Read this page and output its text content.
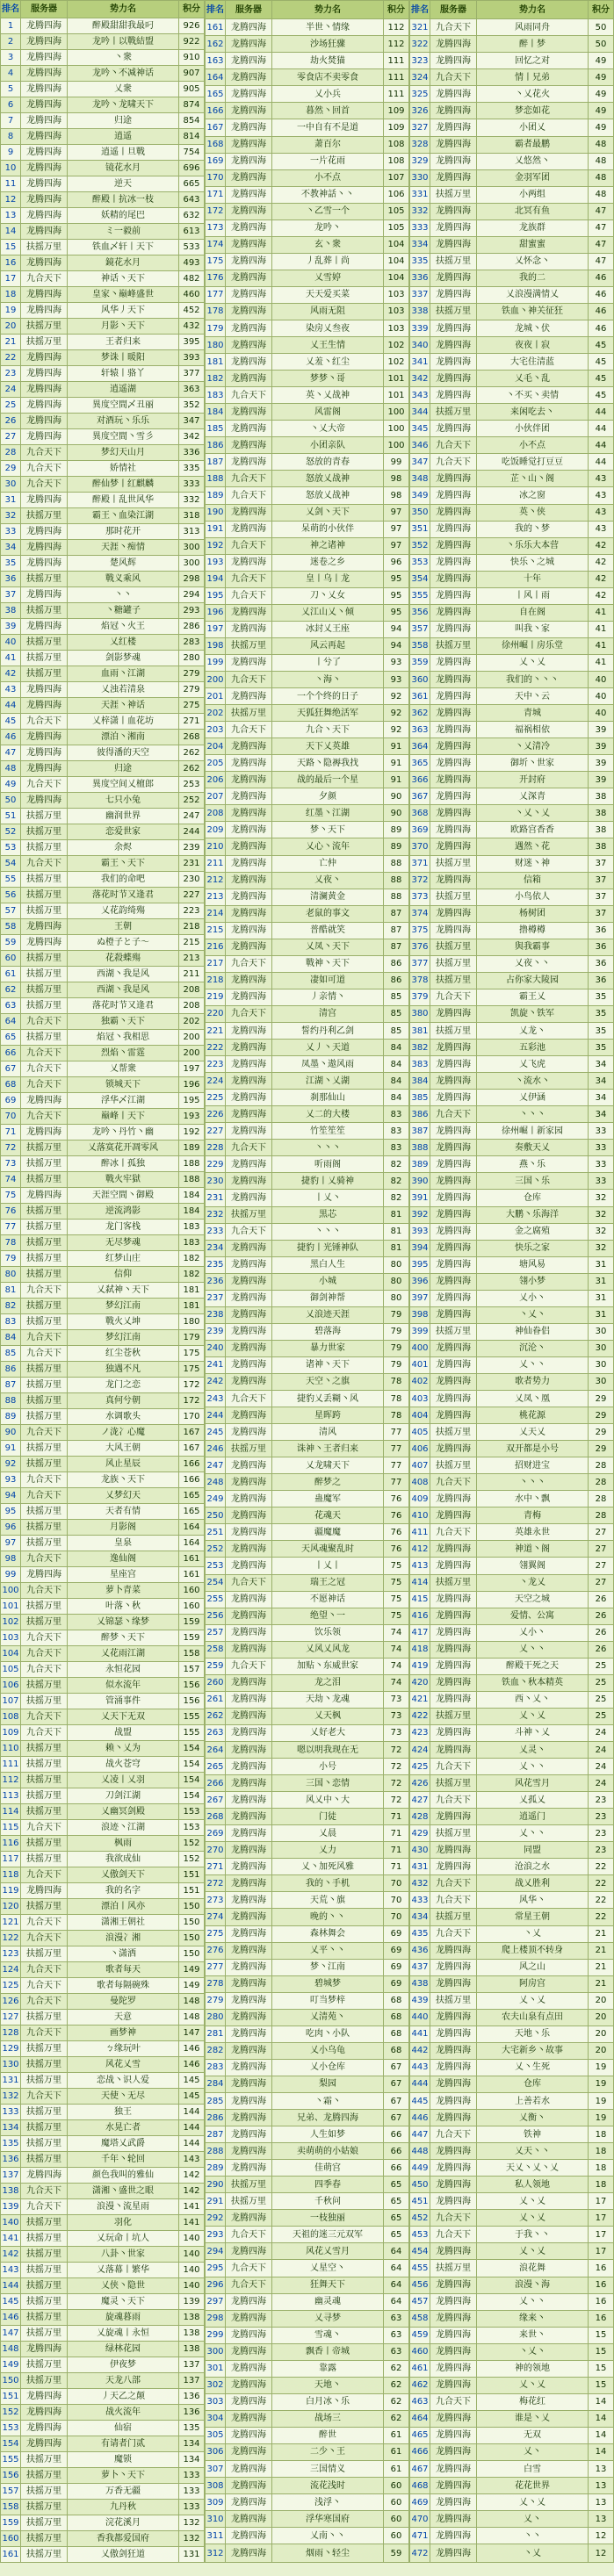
排名	服务器	势力名	积分
1	龙腾四海	醉殿甜甜我最叼	926
2	龙腾四海	龙吟丨以戰結盟	922
3	龙腾四海	丶衆	910
4	龙腾四海	龙吟丶不减神话	907
5	龙腾四海	乂衆	905
6	龙腾四海	龙吟丶龙啸天下	874
7	龙腾四海	归途	854
8	龙腾四海	逍遥	814
9	龙腾四海	逍遥丨旦戰	754
10	龙腾四海	镜花水月	696
11	龙腾四海	逆天	665
12	龙腾四海	醉殿丨抗冰一枝	643
13	龙腾四海	妖精的尾巴	632
14	龙腾四海	ミ一毅前	613
15	扶摇万里	铁血乄轩丨天下	533
16	龙腾四海	鏡花水月	493
17	九合天下	神话丶天下	482
18	龙腾四海	皇家丶巅峰盛世	460
19	龙腾四海	风华丿天下	452
20	扶摇万里	月影丶天下	432
21	扶摇万里	王者归来	395
22	龙腾四海	梦诛丨暖阳	393
23	龙腾四海	轩辕丨骆丫	377
24	龙腾四海	逍遥湖	363
25	龙腾四海	異度空間乄丑丽	352
26	龙腾四海	对酒玩丶乐乐	347
27	龙腾四海	異度空間丶雪彡	342
28	九合天下	梦幻天山月	336
29	九合天下	娇情社	335
30	九合天下	醉仙梦丨红麒麟	333
31	龙腾四海	醉殿丨乱世风华	332
32	扶摇万里	霸王丶血染江湖	318
33	龙腾四海	那时花开	313
34	龙腾四海	天涯丶痴情	300
35	龙腾四海	楚风辉	300
36	扶摇万里	戰义乘风	298
37	龙腾四海	丶丶	294
38	扶摇万里	丶糖罐子	293
39	龙腾四海	焰冠丶火王	286
40	扶摇万里	乂红楼	283
41	扶摇万里	剑影梦魂	280
42	扶摇万里	血雨丶江湖	279
43	龙腾四海	乂浊若清泉	279
44	龙腾四海	天涯丶神话	275
45	九合天下	乂梓潇丨血花坊	271
46	龙腾四海	漂泊丶湘南	268
47	龙腾四海	彼得潘的天空	262
48	龙腾四海	归途	262
49	九合天下	異度空间乂檀郎	253
50	龙腾四海	七只小兔	252
51	扶摇万里	幽润世界	247
52	扶摇万里	恋爱世家	244
53	扶摇万里	余烬	239
54	九合天下	霸王丶天下	231
55	扶摇万里	我们的命吧	230
56	扶摇万里	落花时节又逢君	227
57	扶摇万里	乂花韵绮殤	223
58	龙腾四海	王朝	218
59	龙腾四海	ぬ橙子と子〜	215
60	扶摇万里	花殺蝶殤	213
61	扶摇万里	西湖丶我是风	211
62	扶摇万里	西湖丶我是风	208
63	扶摇万里	落花时节又逢君	208
64	九合天下	独霸丶天下	202
65	扶摇万里	焰冠丶我相思	200
66	九合天下	烈焰丶雷霆	200
67	九合天下	乂帮衆	197
68	九合天下	锁城天下	196
69	龙腾四海	浮华乄江湖	195
70	九合天下	巅峰丨天下	193
71	龙腾四海	龙吟丶丹竹丶幽	192
72	扶摇万里	乂落寞花开凋零风	189
73	扶摇万里	醉冰丨孤独	188
74	扶摇万里	戰火牢獄	188
75	龙腾四海	天涯空間丶御殿	184
76	扶摇万里	逆流鸿影	184
77	扶摇万里	龙门客栈	183
78	扶摇万里	无尽梦魂	183
79	扶摇万里	红梦山庄	182
80	扶摇万里	信仰	182
81	九合天下	乂弑神丶天下	181
82	扶摇万里	梦幻江南	181
83	扶摇万里	戰火乂坤	180
84	九合天下	梦幻江南	179
85	九合天下	红尘苍秋	175
86	扶摇万里	独遇不凡	175
87	扶摇万里	龙门之恋	172
88	扶摇万里	真何兮朝	172
89	扶摇万里	水调歌头	170
90	九合天下	ノ泷冫心魔	167
91	扶摇万里	大风王朝	167
92	扶摇万里	风止星辰	166
93	九合天下	龙族丶天下	166
94	九合天下	乂梦幻天	165
95	扶摇万里	天者有情	165
96	扶摇万里	月影阁	164
97	扶摇万里	皇泉	164
98	九合天下	逸仙阁	161
99	龙腾四海	星座宫	161
100	九合天下	萝卜青菜	160
101	扶摇万里	叶落丶秋	160
102	扶摇万里	乂锦瑟丶缘梦	159
103	九合天下	醉梦丶天下	159
104	九合天下	乂花雨江湖	158
105	九合天下	永恒花园	157
106	扶摇万里	似水流年	156
107	扶摇万里	管涌事件	156
108	九合天下	乂天下无双	155
109	九合天下	战盟	155
110	扶摇万里	赖丶乂为	154
111	扶摇万里	战火苍穹	154
112	扶摇万里	乂凌丨乂羽	154
113	扶摇万里	刀剑江湖	154
114	扶摇万里	乂幽冥剑殿	153
115	九合天下	浪迹丶江湖	153
116	扶摇万里	枫雨	152
117	扶摇万里	我欲成仙	152
118	九合天下	乂傲剑天下	151
119	龙腾四海	我的名字	151
120	扶摇万里	漂泊丨风亦	150
121	九合天下	潇湘王朝社	150
122	九合天下	浪漫冫湘	150
123	扶摇万里	丶潇洒	150
124	九合天下	歌者每天	149
125	九合天下	歌者每隔碗殊	149
126	九合天下	曼陀罗	148
127	扶摇万里	天意	148
128	九合天下	画梦神	147
129	扶摇万里	ㄅ缘玩叶	146
130	扶摇万里	风花乂雪	146
131	扶摇万里	恋战丶识人爱	145
132	九合天下	天使丶无尽	145
133	扶摇万里	独王	144
134	扶摇万里	水晃亡者	144
135	扶摇万里	魔塔乂武爵	144
136	扶摇万里	千年丶轮回	143
137	龙腾四海	颜色我叫的雅仙	142
138	九合天下	潇湘丶盛世之眼	142
139	九合天下	浪漫丶流星雨	141
140	扶摇万里	羽化	141
141	扶摇万里	乂玩命丨坑人	140
142	扶摇万里	八卦丶世家	140
143	扶摇万里	乂落幕丨繁华	140
144	扶摇万里	乂侠丶隐世	140
145	扶摇万里	魔灵丶天下	139
146	扶摇万里	旋魂暮雨	138
147	扶摇万里	乂旋魂丨永恒	138
148	龙腾四海	绿林花园	138
149	扶摇万里	伊夜梦	137
150	扶摇万里	天龙八部	137
151	龙腾四海	丿天乙之颠	136
152	龙腾四海	战火流年	136
153	龙腾四海	仙宿	135
154	龙腾四海	有请者门贰	134
155	扶摇万里	魔锁	134
156	扶摇万里	萝卜丶天下	133
157	扶摇万里	万香无疆	133
158	扶摇万里	九丹秋	133
159	扶摇万里	浣花溪月	132
160	扶摇万里	香我都爱国府	132
161	扶摇万里	乂傲剑狂道	131
排名	服务器	势力名	积分
161	龙腾四海	半世丶情缘	112
162	龙腾四海	沙场狂骤	112
163	龙腾四海	劫火焚猫	111
164	龙腾四海	零食店不卖零食	111
165	龙腾四海	乂小兵	111
166	龙腾四海	暮然丶回首	109
167	龙腾四海	一中自有不是道	109
168	龙腾四海	萧百尔	108
169	龙腾四海	一片花雨	108
170	龙腾四海	小不点	107
171	龙腾四海	不教神話丶丶	106
172	龙腾四海	丶乙雪一个	105
173	龙腾四海	龙吟丶	105
174	龙腾四海	玄丶衆	104
175	龙腾四海	丿乱葬丨尚	104
176	龙腾四海	乂雪婷	104
177	龙腾四海	天天爱买菜	103
178	龙腾四海	风雨无阻	103
179	龙腾四海	染房乂叁夜	103
180	龙腾四海	乂王生情	102
181	龙腾四海	乂羞丶红尘	102
182	龙腾四海	梦梦丶哥	101
183	九合天下	英丶乂战神	101
184	龙腾四海	风雷阁	100
185	龙腾四海	丶乂大帝	100
186	龙腾四海	小团亲队	100
187	龙腾四海	怒放的青春	99
188	九合天下	怒放乂战神	98
189	九合天下	怒放乂战神	98
190	龙腾四海	乂剑丶天下	97
191	龙腾四海	呆萌的小伙伴	97
192	九合天下	神之诸神	97
193	龙腾四海	迷卷之乡	96
194	九合天下	皇丨乌丨龙	95
195	九合天下	刀丶乂女	95
196	龙腾四海	乂江山乂丶倾	95
197	龙腾四海	冰封乂王座	94
198	扶摇万里	风云再起	94
199	龙腾四海	丨兮了	93
200	九合天下	丶海丶	93
201	龙腾四海	一个个终的日子	92
202	扶摇万里	天狐狂舞绝活军	92
203	九合天下	九合丶天下	92
204	龙腾四海	天下乂英雄	91
205	龙腾四海	天路丶隐褥我找	91
206	龙腾四海	战的最后一个星	91
207	龙腾四海	夕颜	90
208	龙腾四海	红墨丶江湖	90
209	龙腾四海	梦丶天下	89
210	龙腾四海	乂心丶流年	89
211	龙腾四海	亡仲	88
212	龙腾四海	乂夜丶	88
213	龙腾四海	清澜黄金	88
214	龙腾四海	老鼠的事文	87
215	龙腾四海	普酷就笑	87
216	龙腾四海	乂凤丶天下	87
217	九合天下	戰神丶天下	86
218	龙腾四海	凄如可道	86
219	龙腾四海	丿亲情丶	85
220	九合天下	清宫	85
221	龙腾四海	誓约丹利乙剑	85
222	龙腾四海	乂丿丶天道	84
223	龙腾四海	凤墨丶遨风雨	84
224	龙腾四海	江湖丶乂湖	84
225	龙腾四海	刹那仙山	84
226	龙腾四海	乂二的大楼	83
227	龙腾四海	竹笙笙笙	83
228	九合天下	丶丶丶	83
229	龙腾四海	听雨阁	82
230	龙腾四海	捷豹丨乂骑神	82
231	龙腾四海	丨乂丶	82
232	扶摇万里	黒芯	81
233	九合天下	丶丶丶	81
234	龙腾四海	捷豹丨光锤神队	81
235	龙腾四海	黑白人生	80
236	龙腾四海	小城	80
237	龙腾四海	御剑神帮	80
238	龙腾四海	乂浪迹天涯	79
239	龙腾四海	碧落海	79
240	龙腾四海	暴力世家	79
241	龙腾四海	诸神丶天下	79
242	龙腾四海	天空丶之旗	78
243	九合天下	捷豹乂丢糊丶风	78
244	龙腾四海	星晖跨	78
245	龙腾四海	清风	77
246	扶摇万里	诛神丶王者归来	77
247	龙腾四海	乂龙啸天下	77
248	龙腾四海	醉梦之	77
249	龙腾四海	蛊魔军	76
250	龙腾四海	花魂天	76
251	龙腾四海	疆魔魔	76
252	龙腾四海	天风魂聚乱时	76
253	龙腾四海	丨乂丨	75
254	九合天下	瑞王之冠	75
255	龙腾四海	不愿神话	75
256	龙腾四海	绝望丶一	75
257	龙腾四海	饮乐领	74
258	龙腾四海	乂风乂风龙	74
259	九合天下	加贴丶东威世家	74
260	龙腾四海	龙之泪	74
261	龙腾四海	天劫丶龙魂	73
262	龙腾四海	乂天枫	73
263	龙腾四海	乂好老大	73
264	龙腾四海	嗯以明我现在无	72
265	龙腾四海	小号	72
266	龙腾四海	三国丶恋情	72
267	龙腾四海	风乂中丶大	72
268	龙腾四海	门徒	71
269	龙腾四海	乂晨	71
270	龙腾四海	乂力	71
271	龙腾四海	乂丶加死风雅	71
272	龙腾四海	我的丶手机	70
273	龙腾四海	天荒丶旗	70
274	龙腾四海	晚的丶丶	70
275	龙腾四海	森林舞会	69
276	龙腾四海	乂平丶丶	69
277	龙腾四海	梦丶江南	69
278	龙腾四海	碧城梦	69
279	龙腾四海	叮当梦梓	68
280	龙腾四海	乂清苑丶	68
281	龙腾四海	吃肉丶小队	68
282	龙腾四海	乂小乌龟	68
283	龙腾四海	乂小仓库	67
284	龙腾四海	梨园	67
285	龙腾四海	丶霜丶	67
286	龙腾四海	兄弟、龙腾四海	67
287	龙腾四海	人生如梦	66
288	龙腾四海	卖萌萌的小姑娘	66
289	龙腾四海	佳萌宫	66
290	扶摇万里	四季春	65
291	扶摇万里	千秋问	65
292	龙腾四海	一枝独丽	65
293	九合天下	天祖的迷三元双军	65
294	龙腾四海	风花乂雪月	64
295	九合天下	乂星空丶	64
296	九合天下	狂舞天下	64
297	龙腾四海	幽灵魂	64
298	龙腾四海	乂寻梦	63
299	龙腾四海	雪魂丶	63
300	龙腾四海	飘香丨帝城	63
301	龙腾四海	靠露	62
302	龙腾四海	天地丶	62
303	龙腾四海	白月冰丶乐	62
304	龙腾四海	战场三	62
305	龙腾四海	醉世	61
306	龙腾四海	二少丶王	61
307	龙腾四海	三国情义	61
308	龙腾四海	流花浅时	60
309	龙腾四海	浅浮丶	60
310	龙腾四海	浮华寒国府	60
311	龙腾四海	乂南丶丶	60
312	龙腾四海	烟雨丶轻尘	59
排名	服务器	势力名	积分
321	九合天下	风雨同舟	50
322	龙腾四海	醉丨梦	50
323	龙腾四海	回忆之对	49
324	九合天下	情丨兄弟	49
325	龙腾四海	丶乂花火	49
326	龙腾四海	梦恋如花	49
327	龙腾四海	小团乂	49
328	龙腾四海	霸者最鹏	48
329	龙腾四海	乂悠然丶	48
330	龙腾四海	金羽军团	48
331	扶摇万里	小两组	48
332	龙腾四海	北冥有鱼	47
333	龙腾四海	龙族群	47
334	龙腾四海	甜蜜蜜	47
335	扶摇万里	乂怀念丶	47
336	龙腾四海	我的二	46
337	龙腾四海	乂浪漫满情乂	46
338	扶摇万里	铁血丶神关征狂	46
339	龙腾四海	龙城丶伏	46
340	龙腾四海	夜夜丨寂	45
341	龙腾四海	大宅住清蓝	45
342	龙腾四海	乂毛丶乱	45
343	龙腾四海	丶不买丶卖情	45
344	扶摇万里	来闲吃去丶	44
345	龙腾四海	小伙伴团	44
346	九合天下	小不点	44
347	九合天下	吃饭睡觉打豆豆	44
348	龙腾四海	芷丶山丶阁	43
349	龙腾四海	冰之窗	43
350	龙腾四海	英丶侠	43
351	龙腾四海	我的丶梦	43
352	龙腾四海	丶乐乐大本营	42
353	龙腾四海	快乐丶之城	42
354	龙腾四海	十年	42
355	龙腾四海	丨风丨雨	42
356	龙腾四海	自在阁	41
357	龙腾四海	叫我丶家	41
358	扶摇万里	徐州崛丨房乐堂	41
359	龙腾四海	乂丶乂	41
360	龙腾四海	我们的丶丶丶	40
361	龙腾四海	天中丶云	40
362	龙腾四海	青城	40
363	龙腾四海	福祸相依	39
364	龙腾四海	丶乂清冷	39
365	龙腾四海	御圻丶世家	39
366	龙腾四海	开封府	39
367	龙腾四海	乂深青	38
368	龙腾四海	丶乂丶乂	38
369	龙腾四海	欧路宫香香	38
370	龙腾四海	遇然丶花	38
371	扶摇万里	财迷丶神	37
372	龙腾四海	信箱	37
373	扶摇万里	小鸟依人	37
374	龙腾四海	杨树团	37
375	龙腾四海	撸樽樽	36
376	扶摇万里	與我霸事	36
377	扶摇万里	乂夜丶丶	36
378	扶摇万里	占你家大陵园	36
379	九合天下	霸王乂	35
380	龙腾四海	凯旋丶铁军	35
381	扶摇万里	乂龙丶	35
382	龙腾四海	五彩池	35
383	龙腾四海	乂飞虎	34
384	龙腾四海	丶流水丶	34
385	龙腾四海	乂伊涵	34
386	九合天下	丶丶丶	34
387	龙腾四海	徐州崛丨新家园	33
388	龙腾四海	奏敷天乂	33
389	龙腾四海	燕丶乐	33
390	龙腾四海	三国丶乐	33
391	龙腾四海	仓库	32
392	龙腾四海	大鹏丶乐海洋	32
393	龙腾四海	金之腐殖	32
394	龙腾四海	快乐之家	32
395	龙腾四海	塘风易	31
396	龙腾四海	翎小梦	31
397	龙腾四海	乂小丶	31
398	龙腾四海	丶乂丶	31
399	扶摇万里	神仙眷侣	30
400	龙腾四海	沉沦丶	30
401	龙腾四海	乂丶丶	30
402	龙腾四海	歌者势力	30
403	龙腾四海	乂凤丶凰	29
404	龙腾四海	桃花源	29
405	扶摇万里	乂天乂	29
406	龙腾四海	双开都是小号	29
407	扶摇万里	招财进宝	28
408	九合天下	丶丶丶	28
409	龙腾四海	水中丶飘	28
410	龙腾四海	青梅	28
411	九合天下	英雄永世	27
412	龙腾四海	神道丶阁	27
413	龙腾四海	翎翼阁	27
414	扶摇万里	丶龙乂	27
415	龙腾四海	天空之城	26
416	龙腾四海	爱情、公寓	26
417	龙腾四海	乂小丶	26
418	龙腾四海	乂丶丶	26
419	龙腾四海	醉殿干死之天	25
420	龙腾四海	铁血丶秋本精英	25
421	龙腾四海	西丶乂丶	25
422	扶摇万里	乂丶乂	25
423	龙腾四海	斗神丶乂	24
424	龙腾四海	乂灵丶	24
425	九合天下	乂丶丶	24
426	扶摇万里	风花雪月	24
427	九合天下	乂孤乂	23
428	龙腾四海	逍遥门	23
429	扶摇万里	乂丶丶	23
430	龙腾四海	同盟	23
431	龙腾四海	沧浪之水	22
432	九合天下	战乂胜利	22
433	九合天下	风华丶	22
434	扶摇万里	常星王朝	22
435	九合天下	丶乂	21
436	龙腾四海	爬上楼顶不转身	21
437	龙腾四海	风之山	21
438	龙腾四海	阿房宫	21
439	扶摇万里	乂丶乂	20
440	龙腾四海	农夫山泉有点田	20
441	龙腾四海	天地丶乐	20
442	龙腾四海	大宅新乡丶故事	20
443	龙腾四海	乂丶生死	19
444	龙腾四海	仓库	19
445	龙腾四海	上善若水	19
446	龙腾四海	乂衡丶	19
447	九合天下	铁神	18
448	龙腾四海	乂天丶丶	18
449	龙腾四海	天乂丶乂丶乂	18
450	龙腾四海	私人领地	18
451	龙腾四海	乂丶乂	17
452	九合天下	乂丶乂	17
453	九合天下	于我丶丶	17
454	龙腾四海	乂丶乂	17
455	扶摇万里	浪花舞	16
456	龙腾四海	浪漫丶海	16
457	龙腾四海	乂丶丶	16
458	龙腾四海	缘来丶	16
459	龙腾四海	来世丶	15
460	龙腾四海	丶乂丶	15
461	龙腾四海	神的领地	15
462	龙腾四海	乂丶乂	15
463	九合天下	梅花红	14
464	龙腾四海	谁是丶乂	14
465	龙腾四海	无双	14
466	龙腾四海	乂丶	14
467	龙腾四海	白雪	13
468	龙腾四海	花花世界	13
469	龙腾四海	乂丶乂	13
470	龙腾四海	乂丶	13
471	龙腾四海	丶丶	12
472	龙腾四海	丶乂	12
